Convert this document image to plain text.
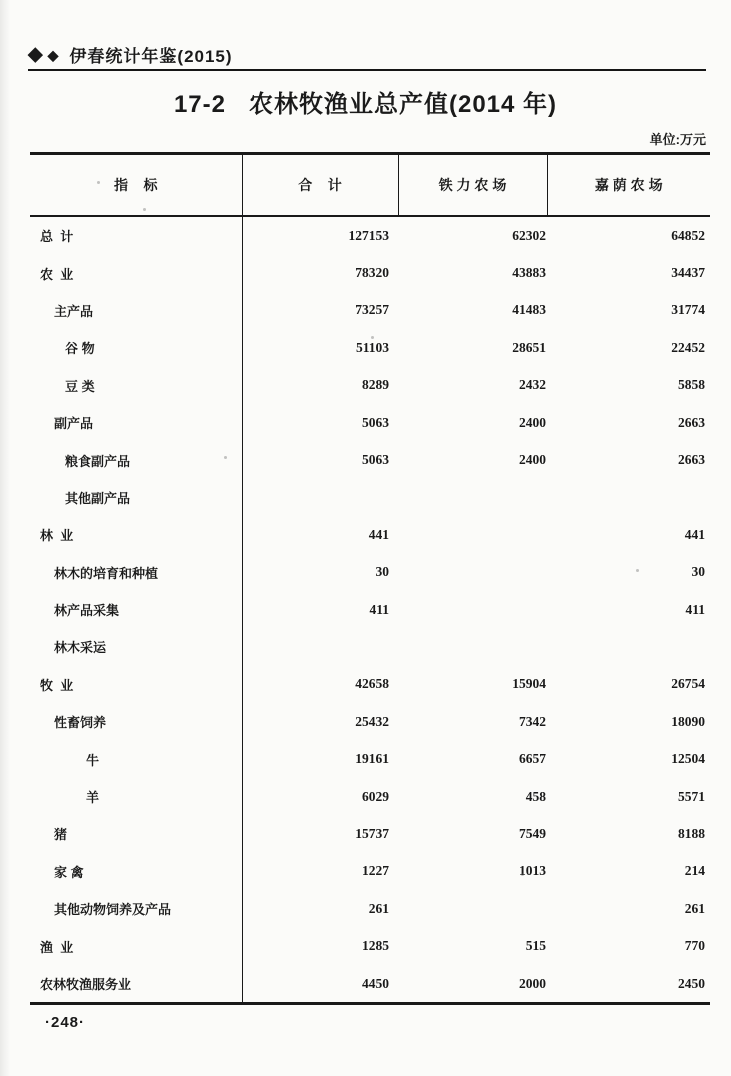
◆ ◆ 伊春统计年鉴(2015)
17-2   农林牧渔业总产值(2014 年)
单位:万元
指    标	合    计	铁 力 农 场	嘉 荫 农 场
总  计	127153	62302	64852
农  业	78320	43883	34437
主产品	73257	41483	31774
谷 物	51103	28651	22452
豆 类	8289	2432	5858
副产品	5063	2400	2663
粮食副产品	5063	2400	2663
其他副产品			
林  业	441		441
林木的培育和种植	30		30
林产品采集	411		411
林木采运			
牧  业	42658	15904	26754
性畜饲养	25432	7342	18090
牛	19161	6657	12504
羊	6029	458	5571
猪	15737	7549	8188
家 禽	1227	1013	214
其他动物饲养及产品	261		261
渔  业	1285	515	770
农林牧渔服务业	4450	2000	2450
·248·
